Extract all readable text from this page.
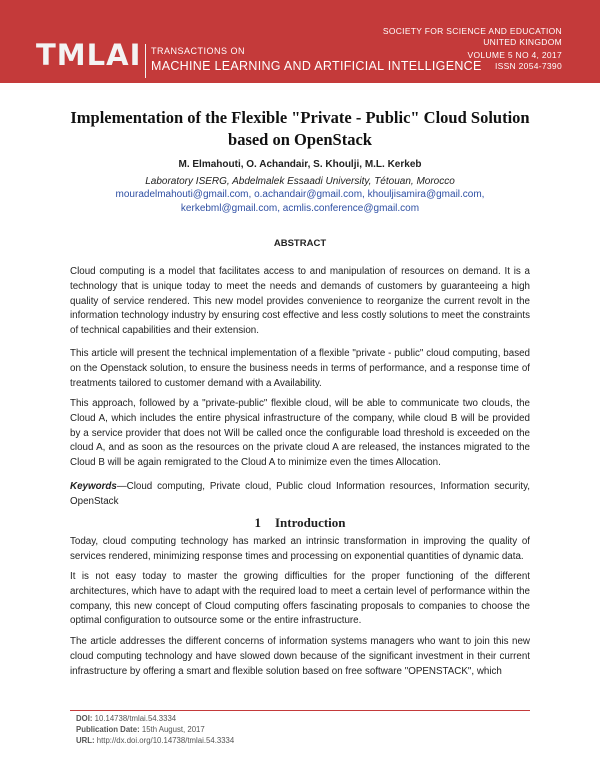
TMLAI TRANSACTIONS ON
MACHINE LEARNING AND ARTIFICIAL INTELLIGENCE
SOCIETY FOR SCIENCE AND EDUCATION
UNITED KINGDOM
VOLUME 5 NO 4, 2017
ISSN 2054-7390
Implementation of the Flexible "Private - Public" Cloud Solution
based on OpenStack
M. Elmahouti, O. Achandair, S. Khoulji, M.L. Kerkeb
Laboratory ISERG, Abdelmalek Essaadi University, Tétouan, Morocco
mouradelmahouti@gmail.com, o.achandair@gmail.com, khouljisamira@gmail.com,
kerkebml@gmail.com, acmlis.conference@gmail.com
ABSTRACT
Cloud computing is a model that facilitates access to and manipulation of resources on demand. It is a technology that is unique today to meet the needs and demands of customers by guaranteeing a high quality of service rendered. This new model provides convenience to reorganize the current revolt in the information technology industry by ensuring cost effective and less costly solutions to meet the constraints of technical capabilities and their extension.
This article will present the technical implementation of a flexible "private - public" cloud computing, based on the Openstack solution, to ensure the business needs in terms of performance, and a response time of treatments tailored to customer demand with a Availability.
This approach, followed by a "private-public" flexible cloud, will be able to communicate two clouds, the Cloud A, which includes the entire physical infrastructure of the company, while cloud B will be provided by a service provider that does not Will be called once the configurable load threshold is exceeded on the cloud A, and as soon as the resources on the private cloud A are released, the instances migrated to the Cloud B will be again remigrated to the Cloud A to minimize even the times Allocation.
Keywords—Cloud computing, Private cloud, Public cloud Information resources, Information security, OpenStack
1 Introduction
Today, cloud computing technology has marked an intrinsic transformation in improving the quality of services rendered, minimizing response times and processing on exponential quantities of dynamic data.
It is not easy today to master the growing difficulties for the proper functioning of the different architectures, which have to adapt with the required load to meet a certain level of performance within the company, this new concept of Cloud computing offers fascinating proposals to companies to choose the optimal configuration to outsource some or the entire infrastructure.
The article addresses the different concerns of information systems managers who want to join this new cloud computing technology and have slowed down because of the significant investment in their current infrastructure by offering a smart and flexible solution based on free software "OPENSTACK", which
DOI: 10.14738/tmlai.54.3334
Publication Date: 15th August, 2017
URL: http://dx.doi.org/10.14738/tmlai.54.3334
